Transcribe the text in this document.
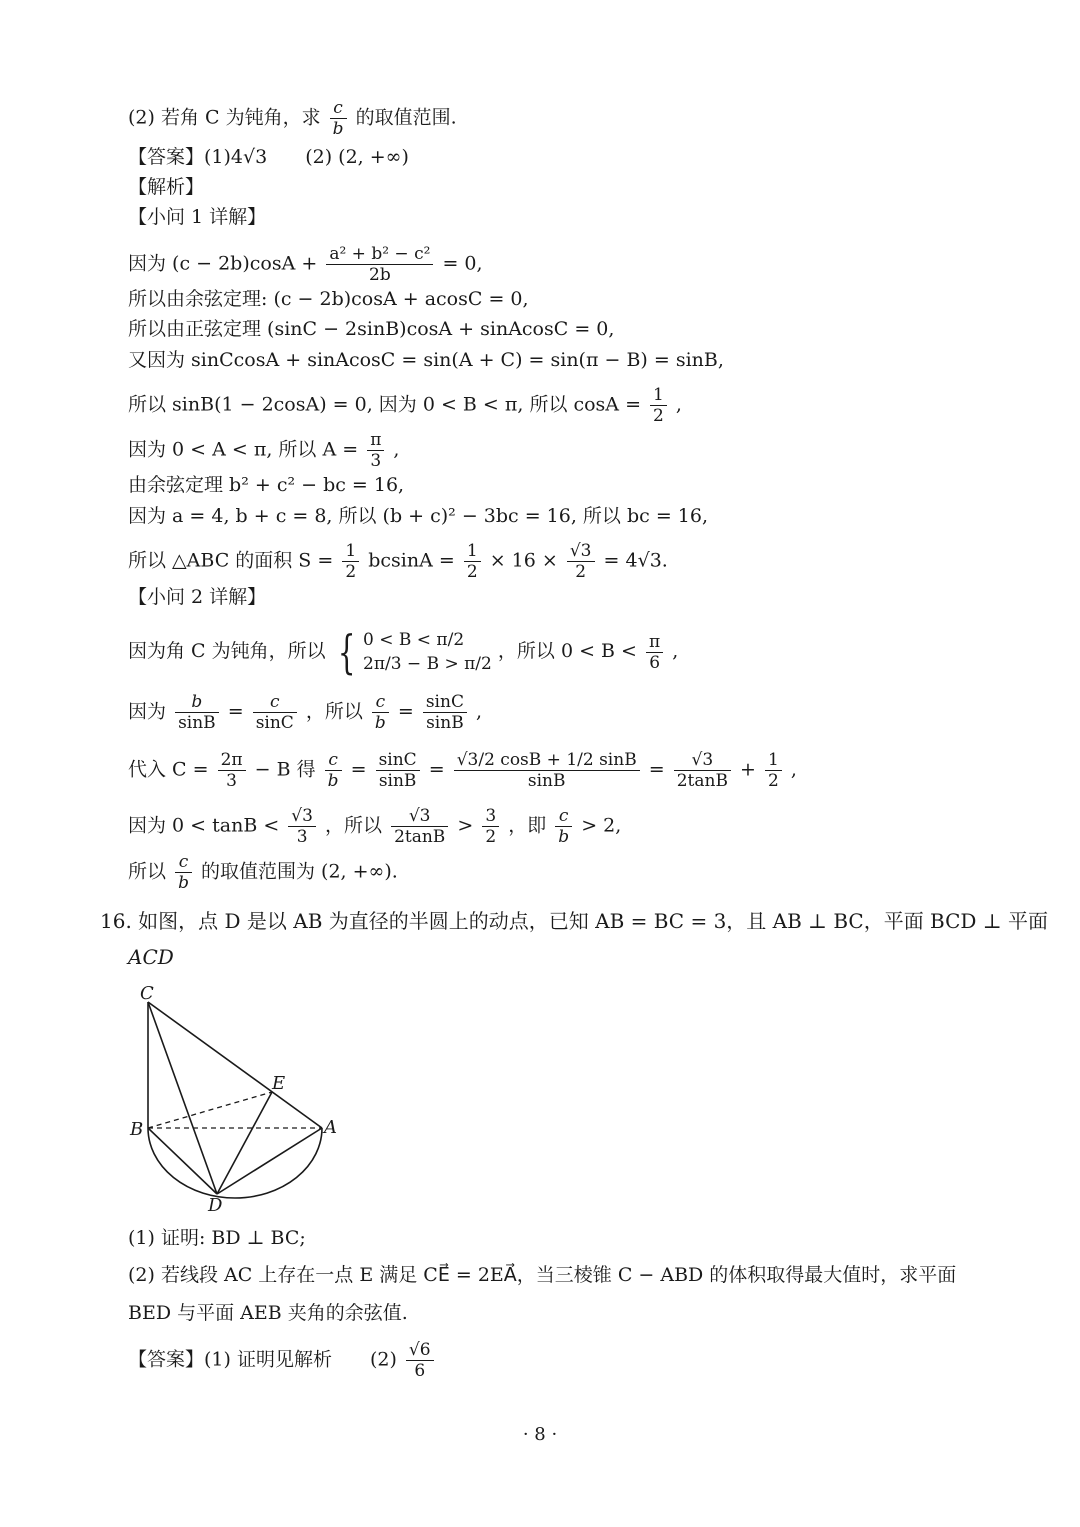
(2) 若角 C 为钝角，求 $\frac{c}{b}$ 的取值范围.
【答案】(1)4√3　　(2) (2, +∞)
【解析】
【小问 1 详解】
因为 $(c - 2b)\cos A + \frac{\text{a² + b² − c²}}{2b} = 0$,
所以由余弦定理: (c − 2b)cosA + acosC = 0,
所以由正弦定理 (sinC − 2sinB)cosA + sinAcosC = 0,
又因为 sinCcosA + sinAcosC = sin(A + C) = sin(π − B) = sinB,
所以 sinB(1 − 2cosA) = 0, 因为 0 < B < π, 所以 $\cos A = \frac{1}{2}$ ,
因为 0 < A < π, 所以 $A = \frac{\pi}{3}$ ,
由余弦定理 b² + c² − bc = 16,
因为 a = 4, b + c = 8, 所以 (b + c)² − 3bc = 16, 所以 bc = 16,
所以 △ABC 的面积 $S = \frac{1}{2}$ $bcsinA = \frac{1}{2} \times 16 \times \frac{√3}{2} = 4√3$.
【小问 2 详解】
因为角 C 为钝角，所以 { 0 < B < π/2
2π/3 − B > π/2
，所以 $0 < B < \frac{\pi}{6}$ ,
因为 $\frac{b}{\sin B} = \frac{c}{\sin C}$ ，所以 $\frac{c}{b} = \frac{\sin C}{\sin B}$ ,
代入 $C = \frac{2\pi}{3} - B$ 得 $\frac{c}{b} = \frac{\sin C}{\sin B} = \frac{√3/2 \cos B + 1/2 \sin B}{\sin B} = \frac{√3}{2\tan B} + \frac{1}{2}$ ,
因为 $0 < \tan B < \frac{√3}{3}$ ，所以 $\frac{√3}{2\tan B} > \frac{3}{2}$ ，即 $\frac{c}{b} > 2$,
所以 $\frac{c}{b}$ 的取值范围为 (2, +∞).
16. 如图，点 D 是以 AB 为直径的半圆上的动点，已知 AB = BC = 3，且 AB ⊥ BC，平面 BCD ⊥ 平面
ACD
C
E
B	A
D
(1) 证明: BD ⊥ BC;
(2) 若线段 AC 上存在一点 E 满足 CE⃗ = 2EA⃗，当三棱锥 C − ABD 的体积取得最大值时，求平面
BED 与平面 AEB 夹角的余弦值.
【答案】(1) 证明见解析　　$(2) \frac{√6}{6}$
· 8 ·
